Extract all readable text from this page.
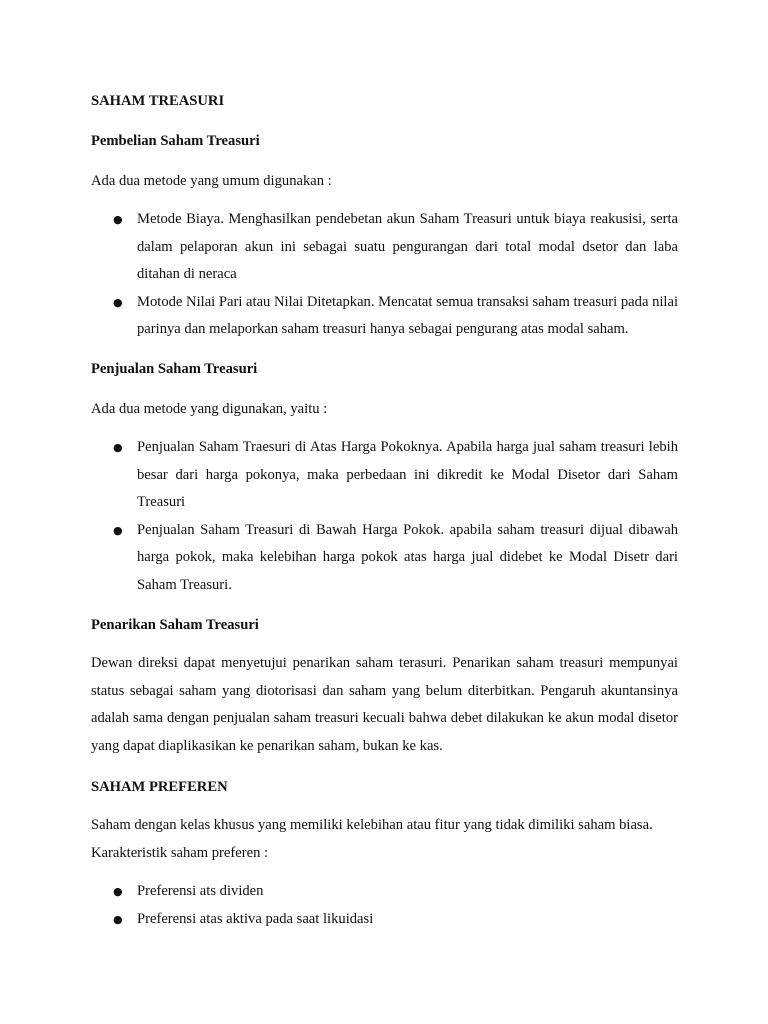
SAHAM TREASURI

Pembelian Saham Treasuri

Ada dua metode yang umum digunakan :

● Metode Biaya. Menghasilkan pendebetan akun Saham Treasuri untuk biaya reakusisi, serta dalam pelaporan akun ini sebagai suatu pengurangan dari total modal dsetor dan laba ditahan di neraca
● Motode Nilai Pari atau Nilai Ditetapkan. Mencatat semua transaksi saham treasuri pada nilai parinya dan melaporkan saham treasuri hanya sebagai pengurang atas modal saham.

Penjualan Saham Treasuri

Ada dua metode yang digunakan, yaitu :

● Penjualan Saham Traesuri di Atas Harga Pokoknya. Apabila harga jual saham treasuri lebih besar dari harga pokonya, maka perbedaan ini dikredit ke Modal Disetor dari Saham Treasuri
● Penjualan Saham Treasuri di Bawah Harga Pokok. apabila saham treasuri dijual dibawah harga pokok, maka kelebihan harga pokok atas harga jual didebet ke Modal Disetr dari Saham Treasuri.

Penarikan Saham Treasuri

Dewan direksi dapat menyetujui penarikan saham terasuri. Penarikan saham treasuri mempunyai status sebagai saham yang diotorisasi dan saham yang belum diterbitkan. Pengaruh akuntansinya adalah sama dengan penjualan saham treasuri kecuali bahwa debet dilakukan ke akun modal disetor yang dapat diaplikasikan ke penarikan saham, bukan ke kas.

SAHAM PREFEREN

Saham dengan kelas khusus yang memiliki kelebihan atau fitur yang tidak dimiliki saham biasa. Karakteristik saham preferen :

● Preferensi ats dividen
● Preferensi atas aktiva pada saat likuidasi
